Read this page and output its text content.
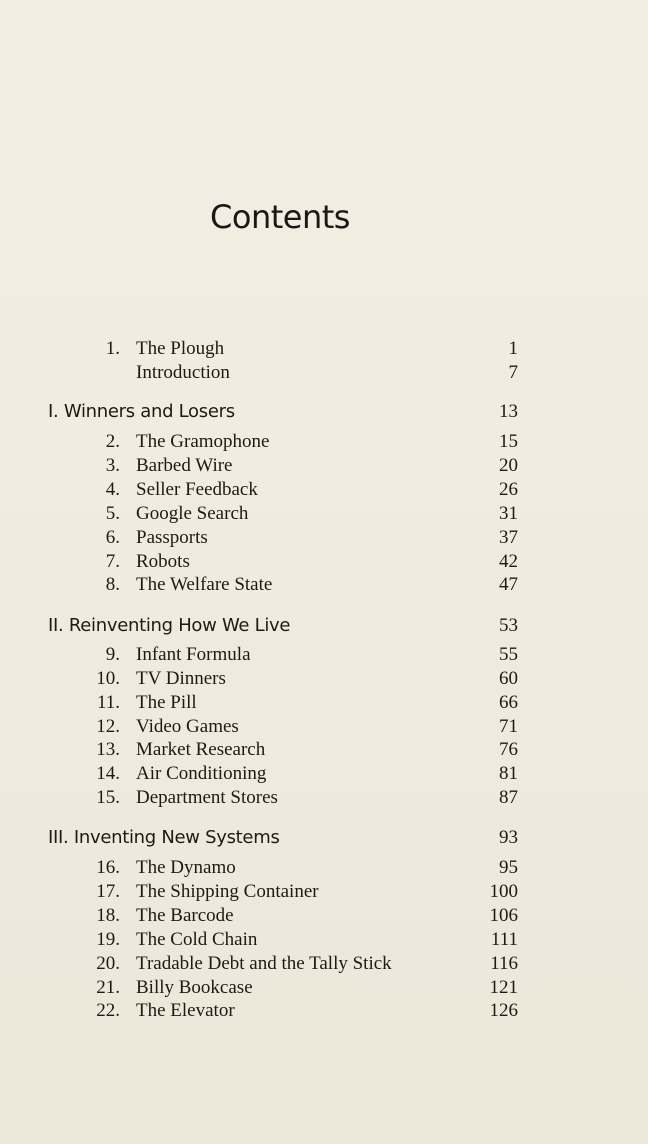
Contents
1. The Plough	1
Introduction	7
I. Winners and Losers	13
2. The Gramophone	15
3. Barbed Wire	20
4. Seller Feedback	26
5. Google Search	31
6. Passports	37
7. Robots	42
8. The Welfare State	47
II. Reinventing How We Live	53
9. Infant Formula	55
10. TV Dinners	60
11. The Pill	66
12. Video Games	71
13. Market Research	76
14. Air Conditioning	81
15. Department Stores	87
III. Inventing New Systems	93
16. The Dynamo	95
17. The Shipping Container	100
18. The Barcode	106
19. The Cold Chain	111
20. Tradable Debt and the Tally Stick	116
21. Billy Bookcase	121
22. The Elevator	126
